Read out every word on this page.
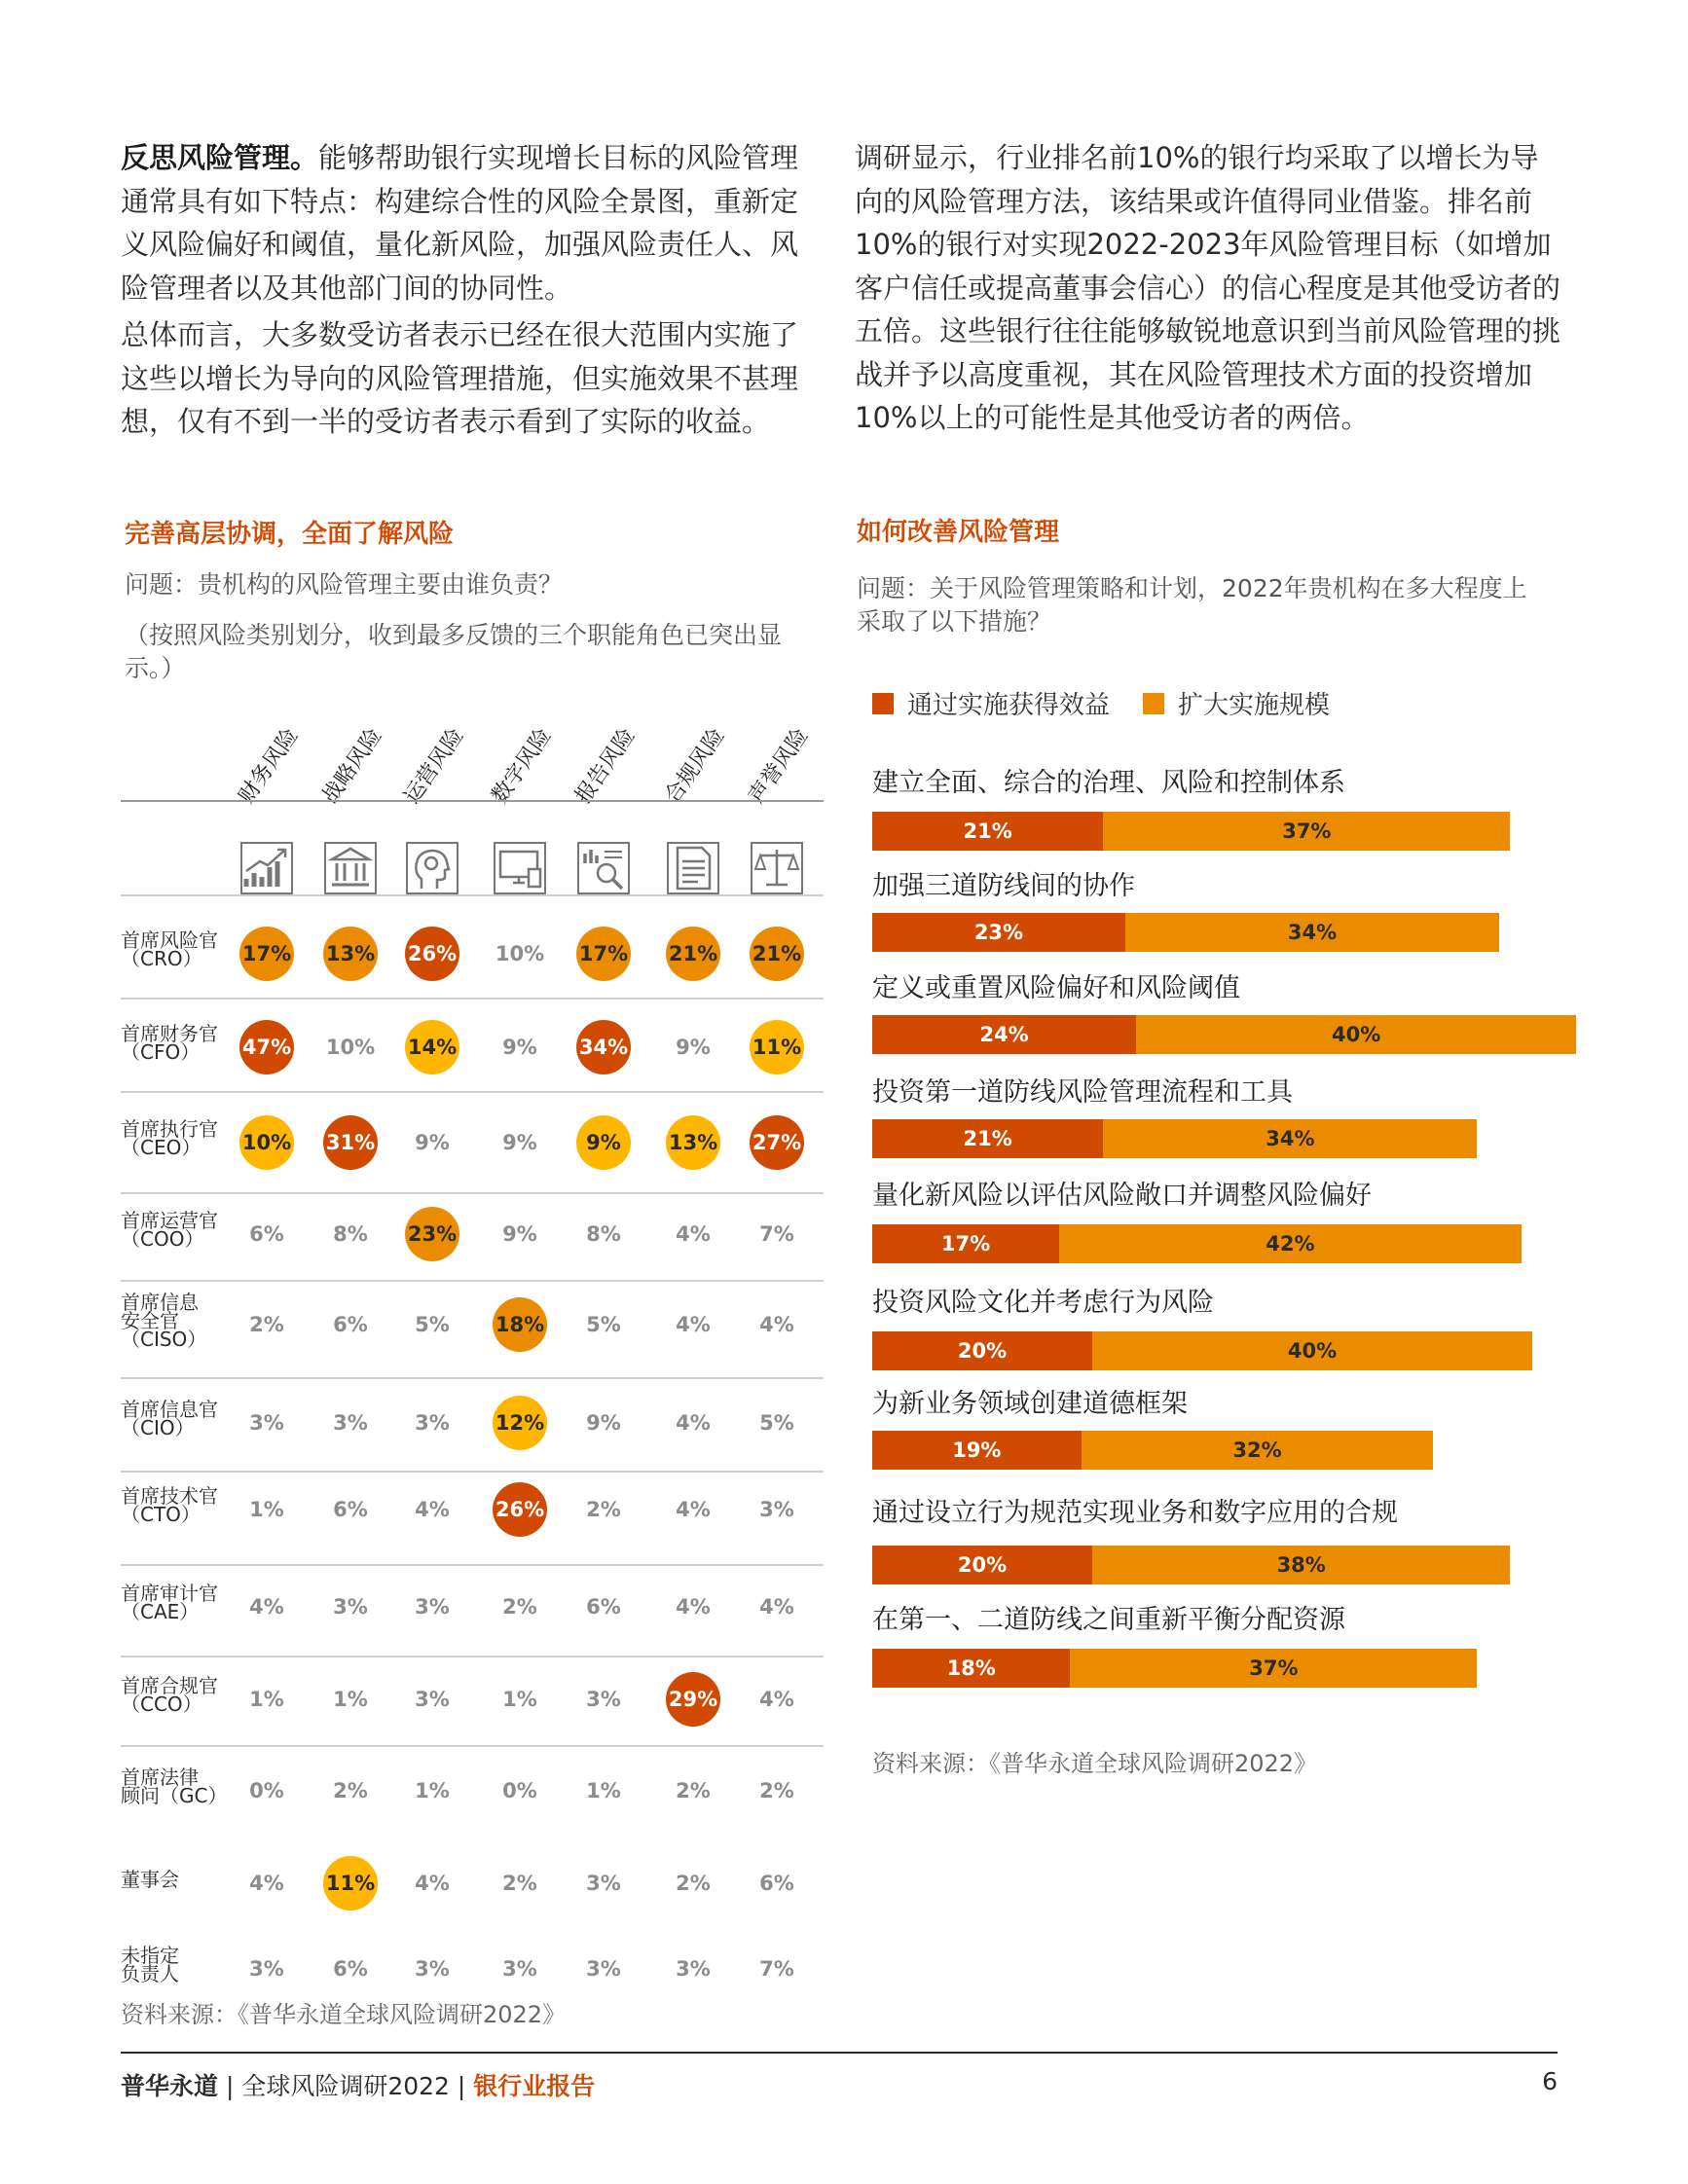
反思风险管理。能够帮助银行实现增长目标的风险管理通常具有如下特点：构建综合性的风险全景图，重新定义风险偏好和阈值，量化新风险，加强风险责任人、风险管理者以及其他部门间的协同性。

总体而言，大多数受访者表示已经在很大范围内实施了这些以增长为导向的风险管理措施，但实施效果不甚理想，仅有不到一半的受访者表示看到了实际的收益。

完善高层协调，全面了解风险
问题：贵机构的风险管理主要由谁负责？
（按照风险类别划分，收到最多反馈的三个职能角色已突出显示。）
财务风险 战略风险 运营风险 数字风险 报告风险 合规风险 声誉风险
首席风险官
（CRO）	17% 13% 26% 10% 17% 21% 21%
首席财务官
（CFO）	47% 10% 14%	9%	34%	9%	11%
首席执行官
（CEO）	10% 31%	9%	9%	9%	13% 27%
首席运营官
（COO）	6%	8%	23%	9%	8%	4%	7%
首席信息
安全官
（CISO）
2%	6%	5%	18%	5%	4%	4%
首席信息官
（CIO）	3%	3%	3%	12%	9%	4%	5%
首席技术官
（CTO）	1%	6%	4%	26%	2%	4%	3%
首席审计官
（CAE）	4%	3%	3%	2%	6%	4%	4%
首席合规官
（CCO）	1%	1%	3%	1%	3%	29%	4%
首席法律
顾问（GC）	0%	2%	1%	0%	1%	2%	2%
董事会	4%	11%	4%	2%	3%	2%	6%
未指定
负责人	3%	6%	3%	3%	3%	3%	7%
资料来源：《普华永道全球风险调研2022》

调研显示，行业排名前10%的银行均采取了以增长为导向的风险管理方法，该结果或许值得同业借鉴。排名前10%的银行对实现2022-2023年风险管理目标（如增加客户信任或提高董事会信心）的信心程度是其他受访者的五倍。这些银行往往能够敏锐地意识到当前风险管理的挑战并予以高度重视，其在风险管理技术方面的投资增加10%以上的可能性是其他受访者的两倍。

如何改善风险管理
问题：关于风险管理策略和计划，2022年贵机构在多大程度上采取了以下措施？
通过实施获得效益	扩大实施规模
建立全面、综合的治理、风险和控制体系
21%	37%
加强三道防线间的协作
23%	34%
定义或重置风险偏好和风险阈值
24%	40%
投资第一道防线风险管理流程和工具
21%	34%
量化新风险以评估风险敞口并调整风险偏好
17%	42%
投资风险文化并考虑行为风险
20%	40%
为新业务领域创建道德框架
19%	32%
通过设立行为规范实现业务和数字应用的合规
20%	38%
在第一、二道防线之间重新平衡分配资源
18%	37%
资料来源：《普华永道全球风险调研2022》
普华永道 | 全球风险调研2022 | 银行业报告	6
